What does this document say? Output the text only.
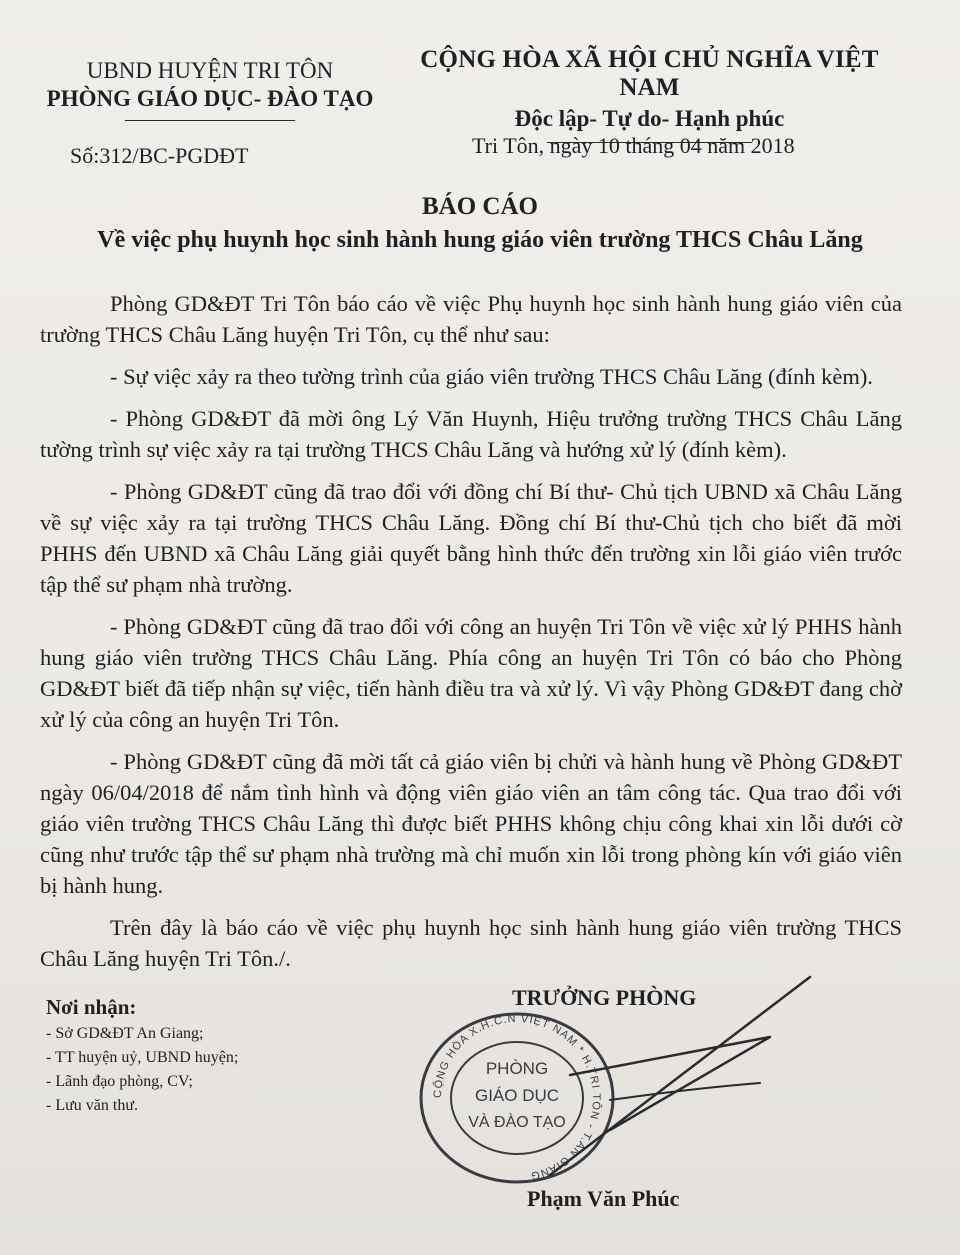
UBND HUYỆN TRI TÔN
PHÒNG GIÁO DỤC- ĐÀO TẠO
CỘNG HÒA XÃ HỘI CHỦ NGHĨA VIỆT NAM
Độc lập- Tự do- Hạnh phúc
Số:312/BC-PGDĐT	Tri Tôn, ngày 10 tháng 04 năm 2018
BÁO CÁO
Về việc phụ huynh học sinh hành hung giáo viên trường THCS Châu Lăng

Phòng GD&ĐT Tri Tôn báo cáo về việc Phụ huynh học sinh hành hung giáo viên của trường THCS Châu Lăng huyện Tri Tôn, cụ thể như sau:

- Sự việc xảy ra theo tường trình của giáo viên trường THCS Châu Lăng (đính kèm).

- Phòng GD&ĐT đã mời ông Lý Văn Huynh, Hiệu trưởng trường THCS Châu Lăng tường trình sự việc xảy ra tại trường THCS Châu Lăng và hướng xử lý (đính kèm).

- Phòng GD&ĐT cũng đã trao đổi với đồng chí Bí thư- Chủ tịch UBND xã Châu Lăng về sự việc xảy ra tại trường THCS Châu Lăng. Đồng chí Bí thư-Chủ tịch cho biết đã mời PHHS đến UBND xã Châu Lăng giải quyết bằng hình thức đến trường xin lỗi giáo viên trước tập thể sư phạm nhà trường.

- Phòng GD&ĐT cũng đã trao đổi với công an huyện Tri Tôn về việc xử lý PHHS hành hung giáo viên trường THCS Châu Lăng. Phía công an huyện Tri Tôn có báo cho Phòng GD&ĐT biết đã tiếp nhận sự việc, tiến hành điều tra và xử lý. Vì vậy Phòng GD&ĐT đang chờ xử lý của công an huyện Tri Tôn.

- Phòng GD&ĐT cũng đã mời tất cả giáo viên bị chửi và hành hung về Phòng GD&ĐT ngày 06/04/2018 để nắm tình hình và động viên giáo viên an tâm công tác. Qua trao đổi với giáo viên trường THCS Châu Lăng thì được biết PHHS không chịu công khai xin lỗi dưới cờ cũng như trước tập thể sư phạm nhà trường mà chỉ muốn xin lỗi trong phòng kín với giáo viên bị hành hung.

Trên đây là báo cáo về việc phụ huynh học sinh hành hung giáo viên trường THCS Châu Lăng huyện Tri Tôn./.

Nơi nhận:
- Sở GD&ĐT An Giang;
- TT huyện uỷ, UBND huyện;
- Lãnh đạo phòng, CV;
- Lưu văn thư.
CỘNG HÒA X.H.C.N VIỆT NAM * H.TRI TÔN - T.AN GIANG
PHÒNG
GIÁO DỤC
VÀ ĐÀO TẠO
TRƯỞNG PHÒNG
Phạm Văn Phúc
